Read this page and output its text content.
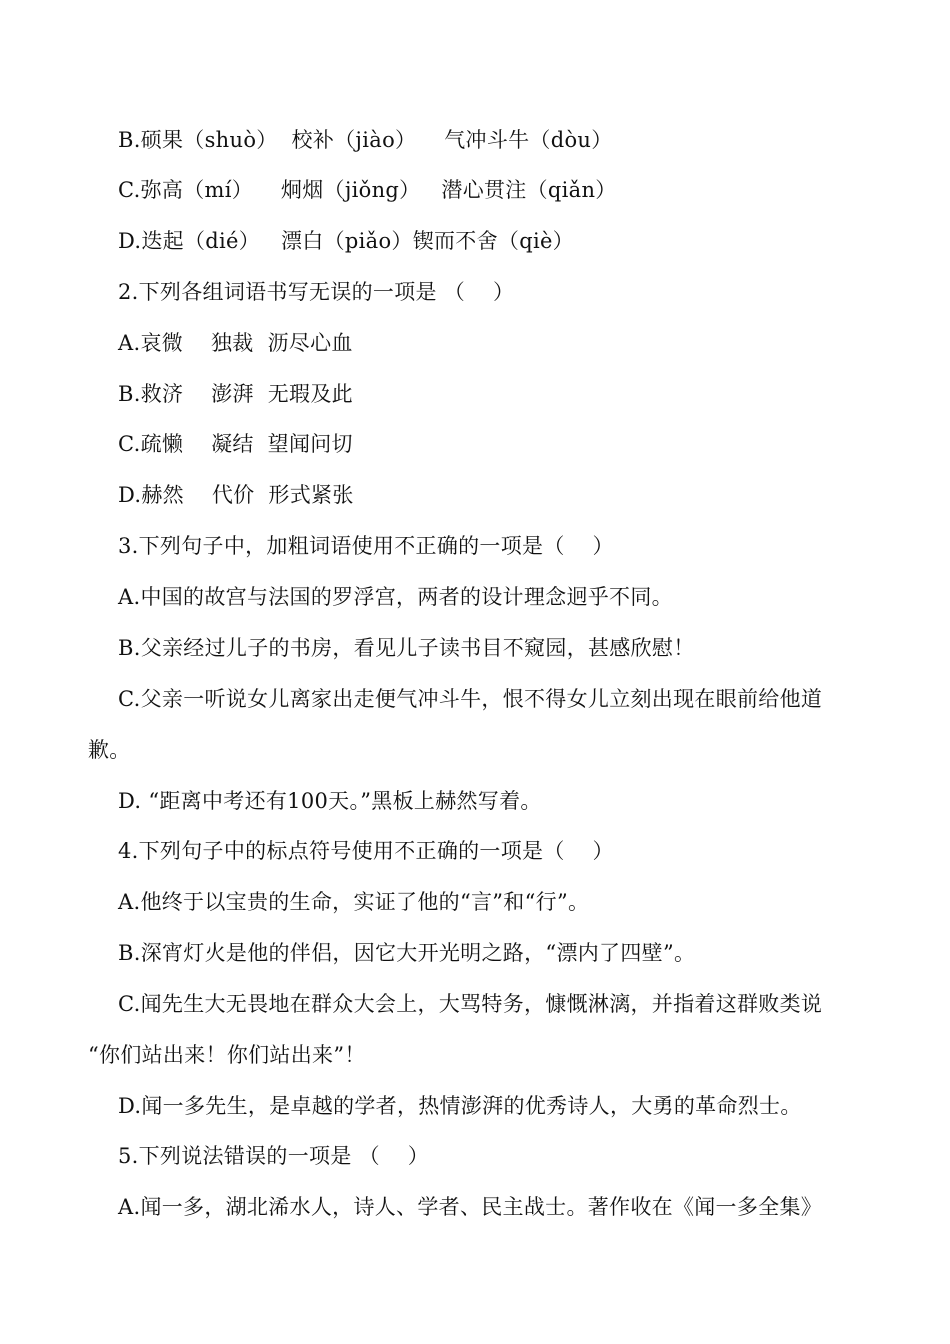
B.硕果（shuò）  校补（jiào）    气冲斗牛（dòu）
C.弥高（mí）    炯烟（jiǒng）   潜心贯注（qiǎn）
D.迭起（dié）   漂白（piǎo）锲而不舍（qiè）
2.下列各组词语书写无误的一项是 （    ）
A.哀微    独裁  沥尽心血
B.救济    澎湃  无瑕及此
C.疏懒    凝结  望闻问切
D.赫然    代价  形式紧张
3.下列句子中，加粗词语使用不正确的一项是（    ）
A.中国的故宫与法国的罗浮宫，两者的设计理念迥乎不同。
B.父亲经过儿子的书房，看见儿子读书目不窥园，甚感欣慰！
C.父亲一听说女儿离家出走便气冲斗牛，恨不得女儿立刻出现在眼前给他道
歉。
D. “距离中考还有100天。”黑板上赫然写着。
4.下列句子中的标点符号使用不正确的一项是（    ）
A.他终于以宝贵的生命，实证了他的“言”和“行”。
B.深宵灯火是他的伴侣，因它大开光明之路，“漂内了四壁”。
C.闻先生大无畏地在群众大会上，大骂特务，慷慨淋漓，并指着这群败类说
“你们站出来！你们站出来”！
D.闻一多先生，是卓越的学者，热情澎湃的优秀诗人，大勇的革命烈士。
5.下列说法错误的一项是 （    ）
A.闻一多，湖北浠水人，诗人、学者、民主战士。著作收在《闻一多全集》
